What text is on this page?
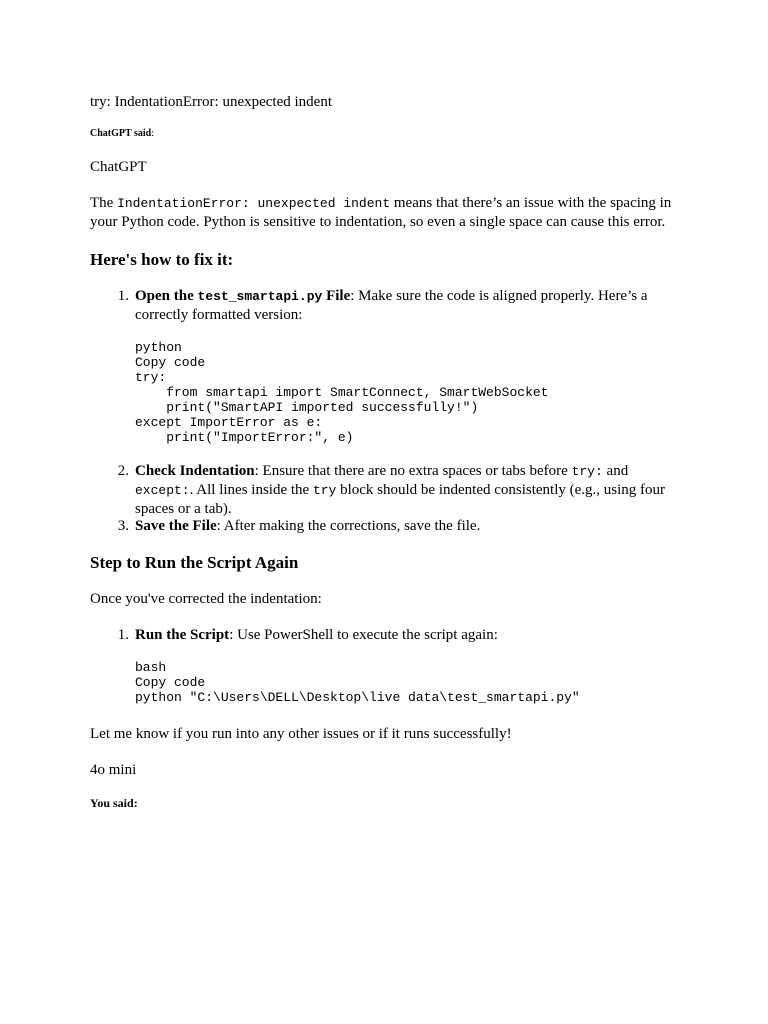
try: IndentationError: unexpected indent

ChatGPT said:

ChatGPT

The IndentationError: unexpected indent means that there’s an issue with the spacing in your Python code. Python is sensitive to indentation, so even a single space can cause this error.

Here's how to fix it:
1. Open the test_smartapi.py File: Make sure the code is aligned properly. Here’s a correctly formatted version:
python
Copy code
try:
from smartapi import SmartConnect, SmartWebSocket
print("SmartAPI imported successfully!")
except ImportError as e:
print("ImportError:", e)
2. Check Indentation: Ensure that there are no extra spaces or tabs before try: and except:. All lines inside the try block should be indented consistently (e.g., using four spaces or a tab).
3. Save the File: After making the corrections, save the file.
Step to Run the Script Again

Once you've corrected the indentation:

1. Run the Script: Use PowerShell to execute the script again:
bash
Copy code
python "C:\Users\DELL\Desktop\live data\test_smartapi.py"

Let me know if you run into any other issues or if it runs successfully!

4o mini

You said:
